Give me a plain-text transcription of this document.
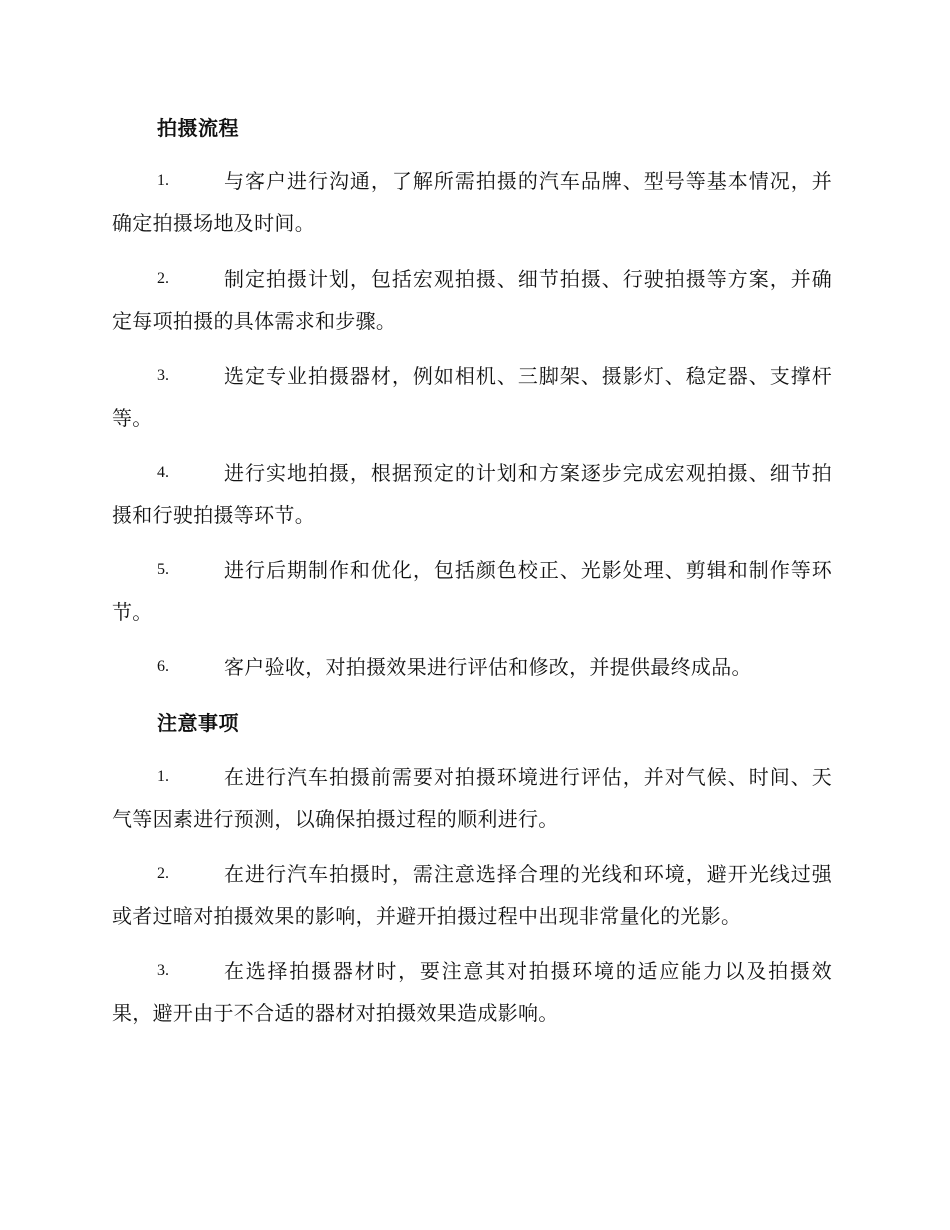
拍摄流程
1.	与客户进行沟通，了解所需拍摄的汽车品牌、型号等基本情况，并确定拍摄场地及时间。
2.	制定拍摄计划，包括宏观拍摄、细节拍摄、行驶拍摄等方案，并确定每项拍摄的具体需求和步骤。
3.	选定专业拍摄器材，例如相机、三脚架、摄影灯、稳定器、支撑杆等。
4.	进行实地拍摄，根据预定的计划和方案逐步完成宏观拍摄、细节拍摄和行驶拍摄等环节。
5.	进行后期制作和优化，包括颜色校正、光影处理、剪辑和制作等环节。
6.	客户验收，对拍摄效果进行评估和修改，并提供最终成品。
注意事项
1.	在进行汽车拍摄前需要对拍摄环境进行评估，并对气候、时间、天气等因素进行预测，以确保拍摄过程的顺利进行。
2.	在进行汽车拍摄时，需注意选择合理的光线和环境，避开光线过强或者过暗对拍摄效果的影响，并避开拍摄过程中出现非常量化的光影。
3.	在选择拍摄器材时，要注意其对拍摄环境的适应能力以及拍摄效果，避开由于不合适的器材对拍摄效果造成影响。
